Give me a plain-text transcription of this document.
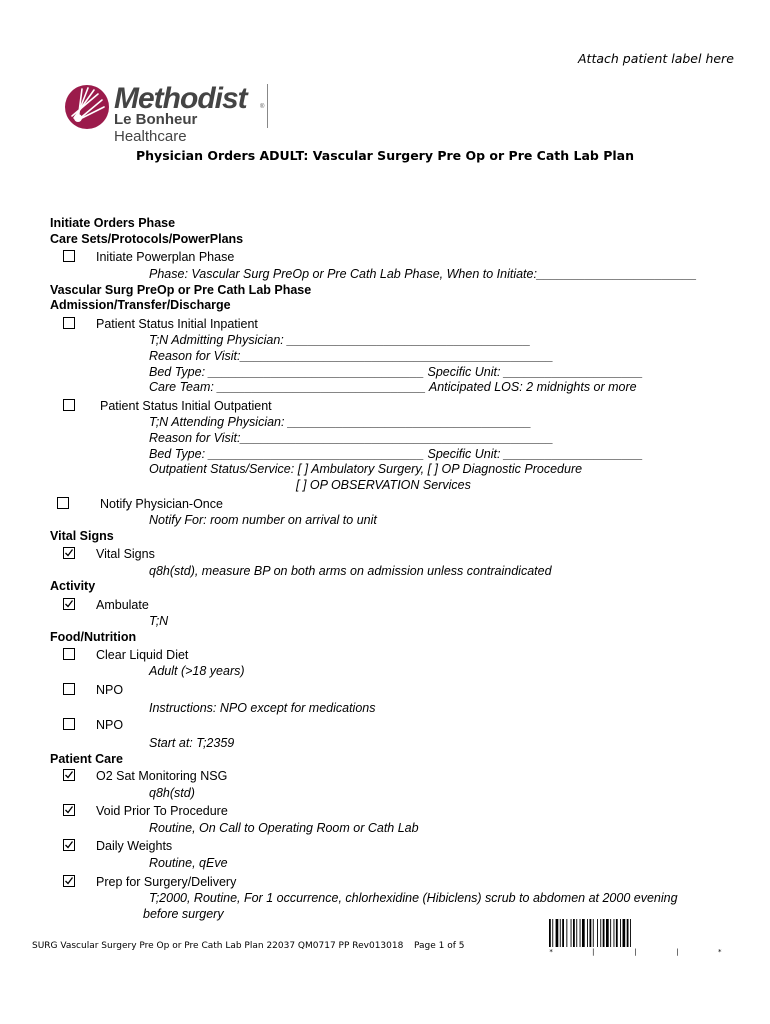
Attach patient label here
Methodist ®
Le Bonheur Healthcare
Physician Orders ADULT: Vascular Surgery Pre Op or Pre Cath Lab Plan
Initiate Orders Phase
Care Sets/Protocols/PowerPlans
Initiate Powerplan Phase
Phase: Vascular Surg PreOp or Pre Cath Lab Phase, When to Initiate:_______________________
Vascular Surg PreOp or Pre Cath Lab Phase
Admission/Transfer/Discharge
Patient Status Initial Inpatient
T;N Admitting Physician: ___________________________________
Reason for Visit:_____________________________________________
Bed Type: _______________________________ Specific Unit: ____________________
Care Team: ______________________________ Anticipated LOS: 2 midnights or more
Patient Status Initial Outpatient
T;N Attending Physician: ___________________________________
Reason for Visit:_____________________________________________
Bed Type: _______________________________ Specific Unit: ____________________
Outpatient Status/Service: [ ] Ambulatory Surgery, [ ] OP Diagnostic Procedure
[ ] OP OBSERVATION Services
Notify Physician-Once
Notify For: room number on arrival to unit
Vital Signs
Vital Signs
q8h(std), measure BP on both arms on admission unless contraindicated
Activity
Ambulate
T;N
Food/Nutrition
Clear Liquid Diet
Adult (>18 years)
NPO
Instructions: NPO except for medications
NPO
Start at: T;2359
Patient Care
O2 Sat Monitoring NSG
q8h(std)
Void Prior To Procedure
Routine, On Call to Operating Room or Cath Lab
Daily Weights
Routine, qEve
Prep for Surgery/Delivery
T;2000, Routine, For 1 occurrence, chlorhexidine (Hibiclens) scrub to abdomen at 2000 evening
before surgery
SURG Vascular Surgery Pre Op or Pre Cath Lab Plan 22037 QM0717 PP Rev013018 Page 1 of 5
*         |         |         |         *
